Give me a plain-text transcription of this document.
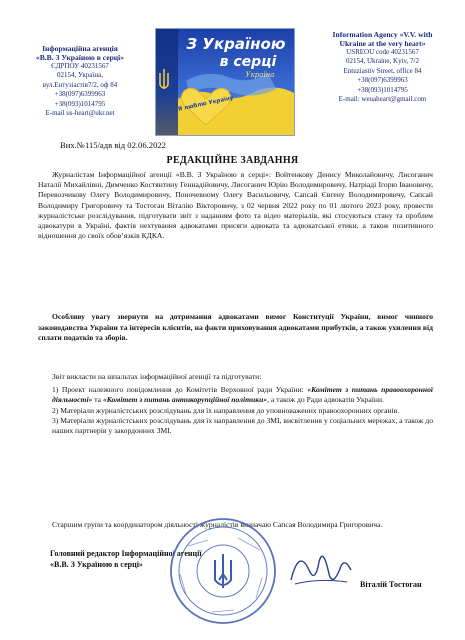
Інформаційна агенція
«В.В. З Україною в серці»
ЄДРПОУ 40231567
02154, Україна,
вул.Ентузіастів7/2, оф 84
+38(097)6399963
+38(093)1014795
E-mail us-heart@ukr.net
З Україною
в серці
Україна
Я люблю Україну
Information Agency «V.V. with
Ukraine at the very heart»
USREOU code 40231567
02154, Ukraine, Kyiv, 7/2
Entuziastiv Street, office 84
+38(097)6399963
+38(093)1014795
E-mail: weuaheart@gmail.com
Вих.№115/адв від 02.06.2022
РЕДАКЦІЙНЕ ЗАВДАННЯ
Журналістам Інформаційної агенції «В.В. З Україною в серці»: Войтенкову Денису Миколайовичу, Лисоганич Наталії Михайлівні, Димченко Костянтину Геннадійовичу, Лисоганич Юрію Володимировичу, Натрiаді Ігорю Івановичу, Перевозчикову Олегу Володимировичу, Поночевному Олегу Васильовичу, Сапсай Євгену Володимировичу, Сапсай Володимиру Григоровичу та Тостоган Віталію Вікторовичу, з 02 червня 2022 року по 01 лютого 2023 року, провести журналістське розслідування, підготувати звіт з наданням фото та відео матеріалів, які стосуються стану та проблем адвокатури в Україні, фактів нехтування адвокатами присяги адвоката та адвокатської етики, а також позитивного відношення до своїх обов’язків КДКА.
Особливу увагу звернути на дотримання адвокатами вимог Конституції України, вимог чинного законодавства України та інтересів клієнтів, на факти приховування адвокатами прибутків, а також ухилення від сплати податків та зборів.
Звіт викласти на шпальтах інформаційної агенції та підготувати:
1) Проект належного повідомлення до Комітетів Верховної ради України: «Комітет з питань правоохоронної діяльності» та «Комітет з питань антикорупційної політики», а також до Ради адвокатів України.
2) Матеріали журналістських розслідувань для їх направлення до уповноважених правоохоронних органів.
3) Матеріали журналістських розслідувань для їх направлення до ЗМІ, висвітлення у соціальних мережах, а також до наших партнерів у закордонних ЗМІ.
Старшим групи та координатором діяльності журналістів визначаю Сапсая Володимира Григоровича.
Головний редактор Інформаційної агенції
«В.В. З Україною в серці»
Віталій Тостоган
